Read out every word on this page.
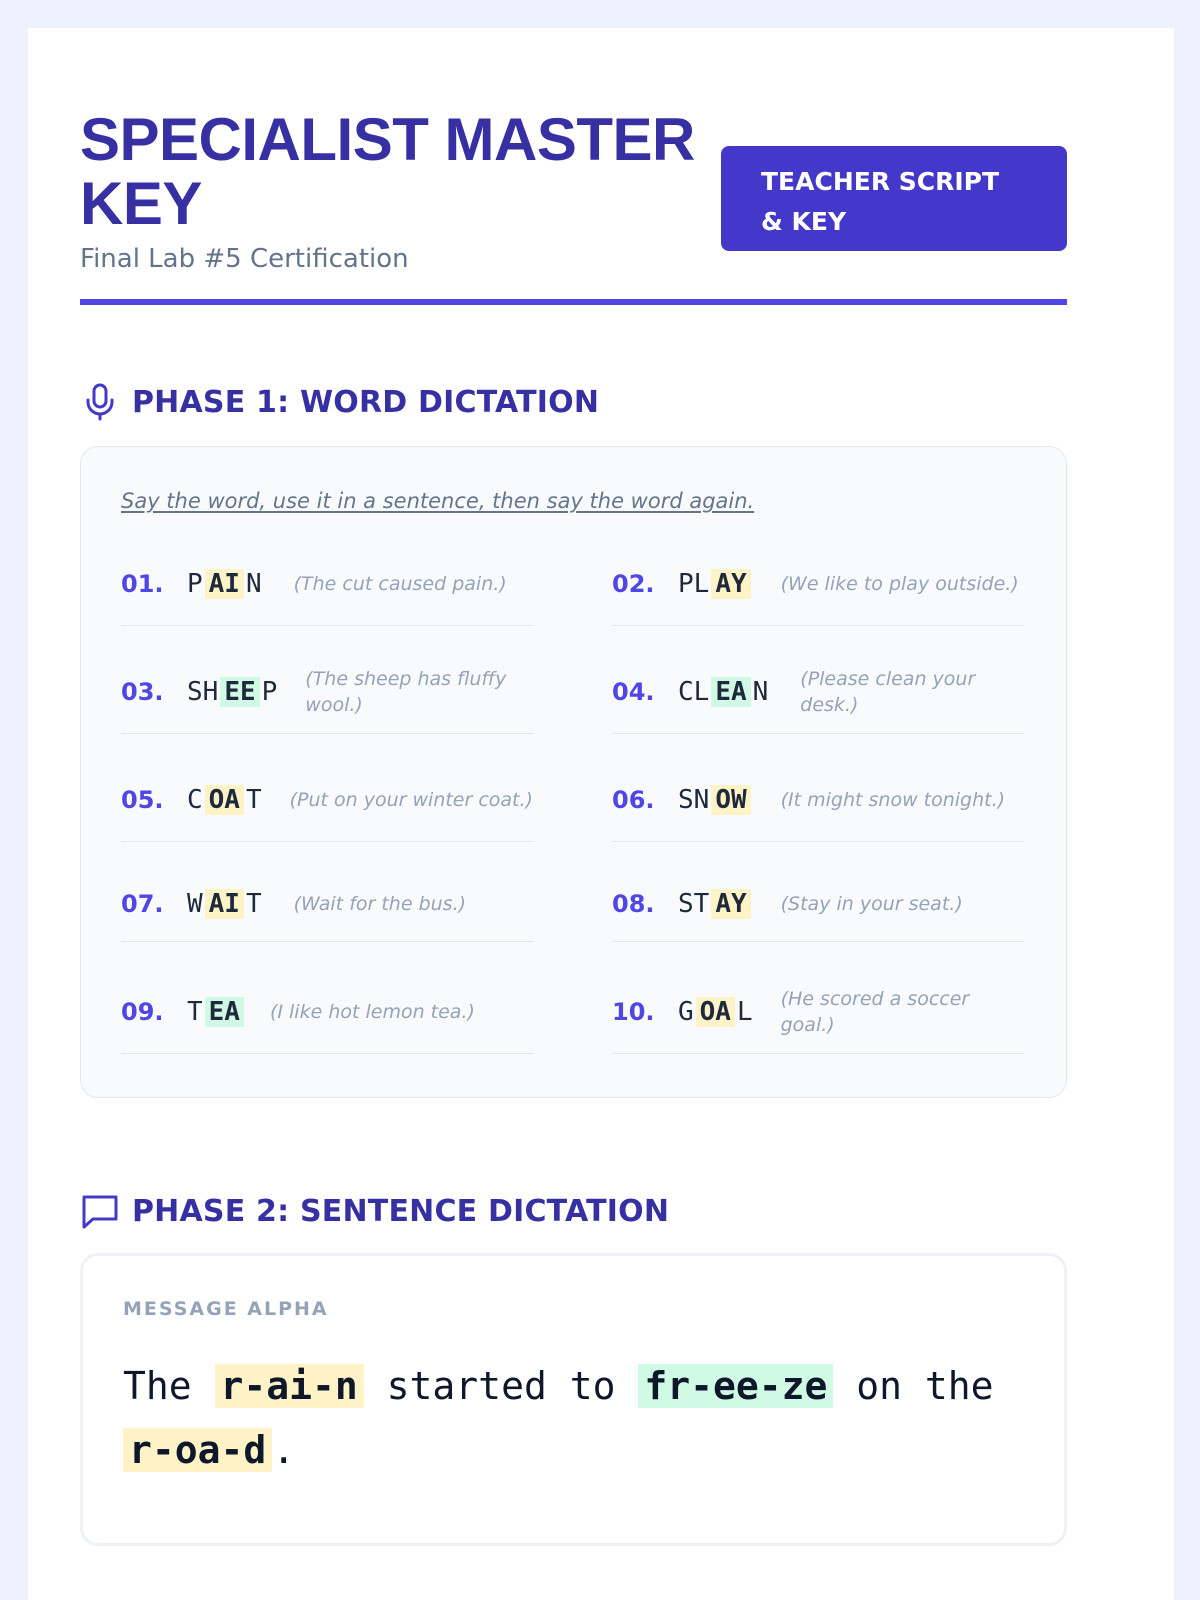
SPECIALIST MASTER KEY
Final Lab #5 Certification
TEACHER SCRIPT & KEY
PHASE 1: WORD DICTATION
Say the word, use it in a sentence, then say the word again.
01. P AI N (The cut caused pain.)	02. PL AY (We like to play outside.)
03. SH EE P (The sheep has fluffy wool.)	04. CL EA N (Please clean your desk.)
05. C OA T (Put on your winter coat.)	06. SN OW (It might snow tonight.)
07. W AI T (Wait for the bus.)	08. ST AY (Stay in your seat.)
09. T EA (I like hot lemon tea.)	10. G OA L (He scored a soccer goal.)
PHASE 2: SENTENCE DICTATION
MESSAGE ALPHA
The r-ai-n started to fr-ee-ze on the r-oa-d .
